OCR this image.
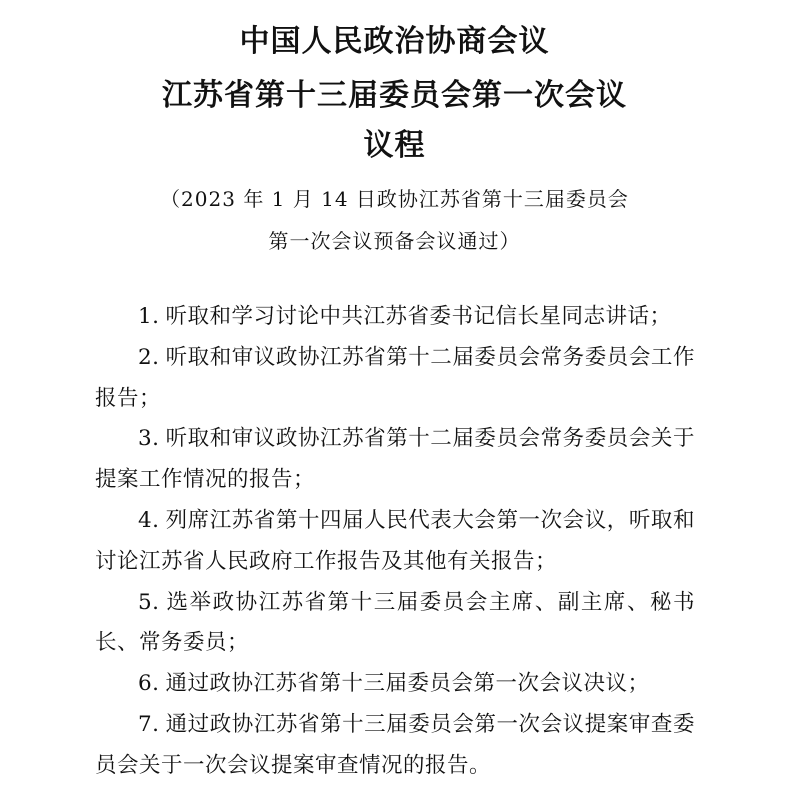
中国人民政治协商会议
江苏省第十三届委员会第一次会议
议程

（2023 年 1 月 14 日政协江苏省第十三届委员会

第一次会议预备会议通过）

1. 听取和学习讨论中共江苏省委书记信长星同志讲话；
2. 听取和审议政协江苏省第十二届委员会常务委员会工作报告；
3. 听取和审议政协江苏省第十二届委员会常务委员会关于提案工作情况的报告；
4. 列席江苏省第十四届人民代表大会第一次会议，听取和讨论江苏省人民政府工作报告及其他有关报告；
5. 选举政协江苏省第十三届委员会主席、副主席、秘书长、常务委员；
6. 通过政协江苏省第十三届委员会第一次会议决议；
7. 通过政协江苏省第十三届委员会第一次会议提案审查委员会关于一次会议提案审查情况的报告。
